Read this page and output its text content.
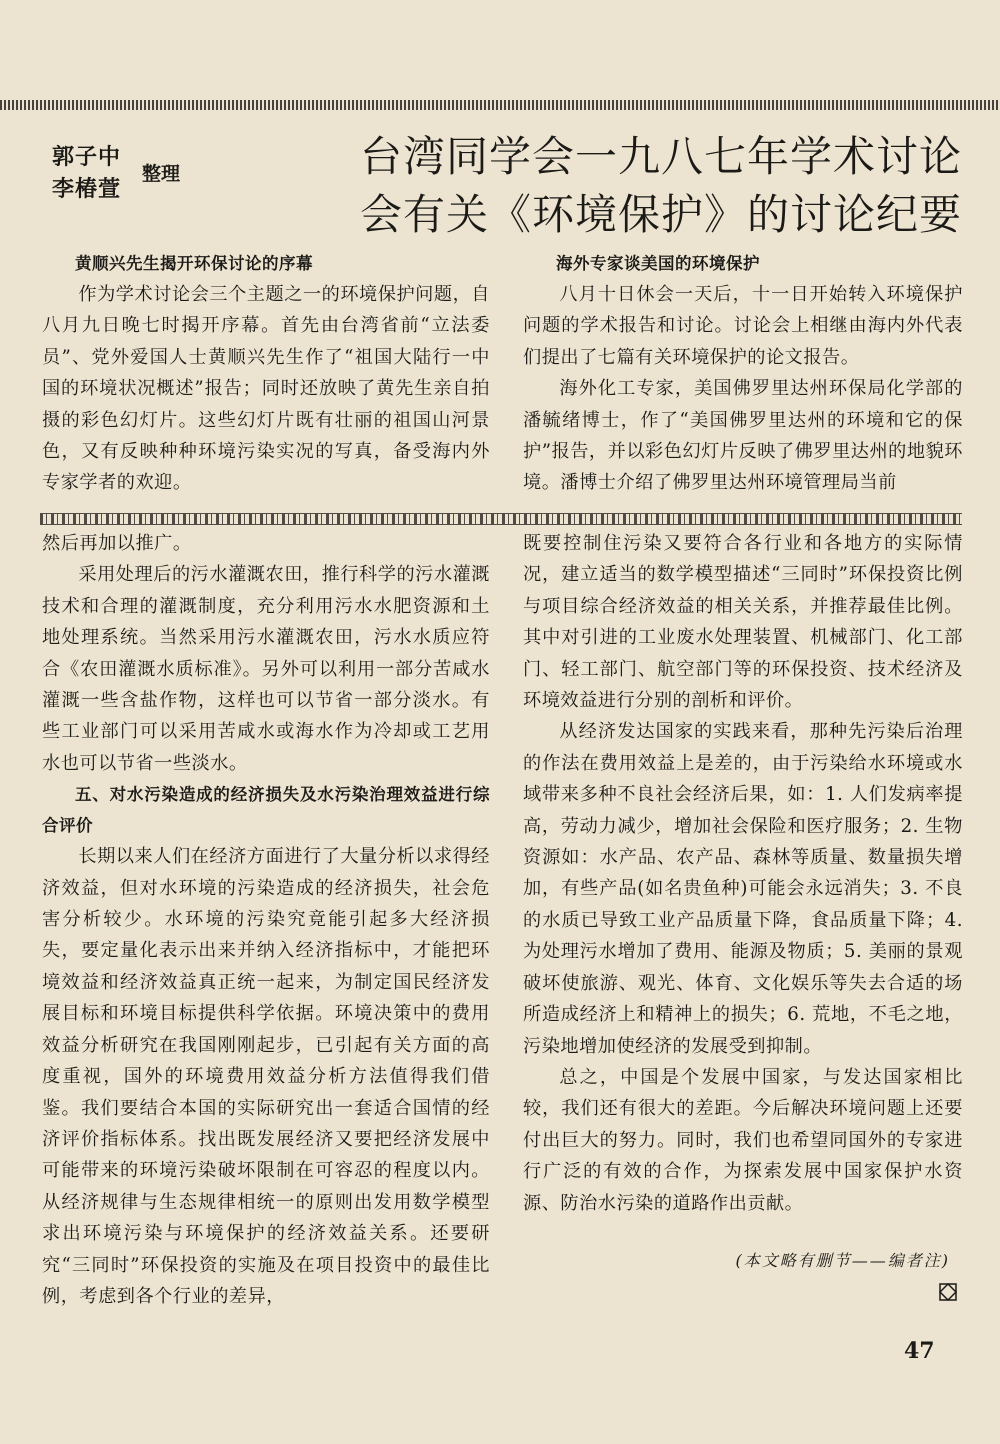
郭子中
李椿萱
整理	台湾同学会一九八七年学术讨论
会有关《环境保护》的讨论纪要
黄顺兴先生揭开环保讨论的序幕

作为学术讨论会三个主题之一的环境保护问题，自八月九日晚七时揭开序幕。首先由台湾省前“立法委员”、党外爱国人士黄顺兴先生作了“祖国大陆行一中国的环境状况概述”报告；同时还放映了黄先生亲自拍摄的彩色幻灯片。这些幻灯片既有壮丽的祖国山河景色，又有反映种种环境污染实况的写真，备受海内外专家学者的欢迎。

海外专家谈美国的环境保护

八月十日休会一天后，十一日开始转入环境保护问题的学术报告和讨论。讨论会上相继由海内外代表们提出了七篇有关环境保护的论文报告。

海外化工专家，美国佛罗里达州环保局化学部的潘毓绪博士，作了“美国佛罗里达州的环境和它的保护”报告，并以彩色幻灯片反映了佛罗里达州的地貌环境。潘博士介绍了佛罗里达州环境管理局当前

然后再加以推广。

采用处理后的污水灌溉农田，推行科学的污水灌溉技术和合理的灌溉制度，充分利用污水水肥资源和土地处理系统。当然采用污水灌溉农田，污水水质应符合《农田灌溉水质标准》。另外可以利用一部分苦咸水灌溉一些含盐作物，这样也可以节省一部分淡水。有些工业部门可以采用苦咸水或海水作为冷却或工艺用水也可以节省一些淡水。

五、对水污染造成的经济损失及水污染治理效益进行综合评价

长期以来人们在经济方面进行了大量分析以求得经济效益，但对水环境的污染造成的经济损失，社会危害分析较少。水环境的污染究竟能引起多大经济损失，要定量化表示出来并纳入经济指标中，才能把环境效益和经济效益真正统一起来，为制定国民经济发展目标和环境目标提供科学依据。环境决策中的费用效益分析研究在我国刚刚起步，已引起有关方面的高度重视，国外的环境费用效益分析方法值得我们借鉴。我们要结合本国的实际研究出一套适合国情的经济评价指标体系。找出既发展经济又要把经济发展中可能带来的环境污染破坏限制在可容忍的程度以内。从经济规律与生态规律相统一的原则出发用数学模型求出环境污染与环境保护的经济效益关系。还要研究“三同时”环保投资的实施及在项目投资中的最佳比例，考虑到各个行业的差异，

既要控制住污染又要符合各行业和各地方的实际情况，建立适当的数学模型描述“三同时”环保投资比例与项目综合经济效益的相关关系，并推荐最佳比例。其中对引进的工业废水处理装置、机械部门、化工部门、轻工部门、航空部门等的环保投资、技术经济及环境效益进行分别的剖析和评价。

从经济发达国家的实践来看，那种先污染后治理的作法在费用效益上是差的，由于污染给水环境或水域带来多种不良社会经济后果，如：1. 人们发病率提高，劳动力减少，增加社会保险和医疗服务；2. 生物资源如：水产品、农产品、森林等质量、数量损失增加，有些产品(如名贵鱼种)可能会永远消失；3. 不良的水质已导致工业产品质量下降，食品质量下降；4. 为处理污水增加了费用、能源及物质；5. 美丽的景观破坏使旅游、观光、体育、文化娱乐等失去合适的场所造成经济上和精神上的损失；6. 荒地，不毛之地，污染地增加使经济的发展受到抑制。

总之，中国是个发展中国家，与发达国家相比较，我们还有很大的差距。今后解决环境问题上还要付出巨大的努力。同时，我们也希望同国外的专家进行广泛的有效的合作，为探索发展中国家保护水资源、防治水污染的道路作出贡献。

(本文略有删节——编者注)
47
